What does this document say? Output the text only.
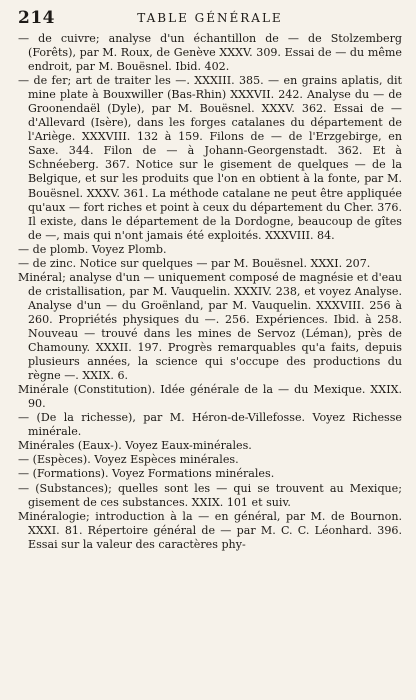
214	TABLE GÉNÉRALE

— de cuivre; analyse d'un échantillon de — de Stolzemberg (Forêts), par M. Roux, de Genève XXXV. 309. Essai de — du même endroit, par M. Bouësnel. Ibid. 402.

— de fer; art de traiter les —. XXXIII. 385. — en grains aplatis, dit mine plate à Bouxwiller (Bas-Rhin) XXXVII. 242. Analyse du — de Groonendaël (Dyle), par M. Bouësnel. XXXV. 362. Essai de — d'Allevard (Isère), dans les forges catalanes du département de l'Ariège. XXXVIII. 132 à 159. Filons de — de l'Erzgebirge, en Saxe. 344. Filon de — à Johann-Georgenstadt. 362. Et à Schnéeberg. 367. Notice sur le gisement de quelques — de la Belgique, et sur les produits que l'on en obtient à la fonte, par M. Bouësnel. XXXV. 361. La méthode catalane ne peut être appliquée qu'aux — fort riches et point à ceux du département du Cher. 376. Il existe, dans le département de la Dordogne, beaucoup de gîtes de —, mais qui n'ont jamais été exploités. XXXVIII. 84.

— de plomb. Voyez Plomb.

— de zinc. Notice sur quelques — par M. Bouësnel. XXXI. 207.

Minéral; analyse d'un — uniquement composé de magnésie et d'eau de cristallisation, par M. Vauquelin. XXXIV. 238, et voyez Analyse. Analyse d'un — du Groënland, par M. Vauquelin. XXXVIII. 256 à 260. Propriétés physiques du —. 256. Expériences. Ibid. à 258. Nouveau — trouvé dans les mines de Servoz (Léman), près de Chamouny. XXXII. 197. Progrès remarquables qu'a faits, depuis plusieurs années, la science qui s'occupe des productions du règne —. XXIX. 6.

Minérale (Constitution). Idée générale de la — du Mexique. XXIX. 90.

— (De la richesse), par M. Héron-de-Villefosse. Voyez Richesse minérale.

Minérales (Eaux-). Voyez Eaux-minérales.

— (Espèces). Voyez Espèces minérales.

— (Formations). Voyez Formations minérales.

— (Substances); quelles sont les — qui se trouvent au Mexique; gisement de ces substances. XXIX. 101 et suiv.

Minéralogie; introduction à la — en général, par M. de Bournon. XXXI. 81. Répertoire général de — par M. C. C. Léonhard. 396. Essai sur la valeur des caractères phy-
